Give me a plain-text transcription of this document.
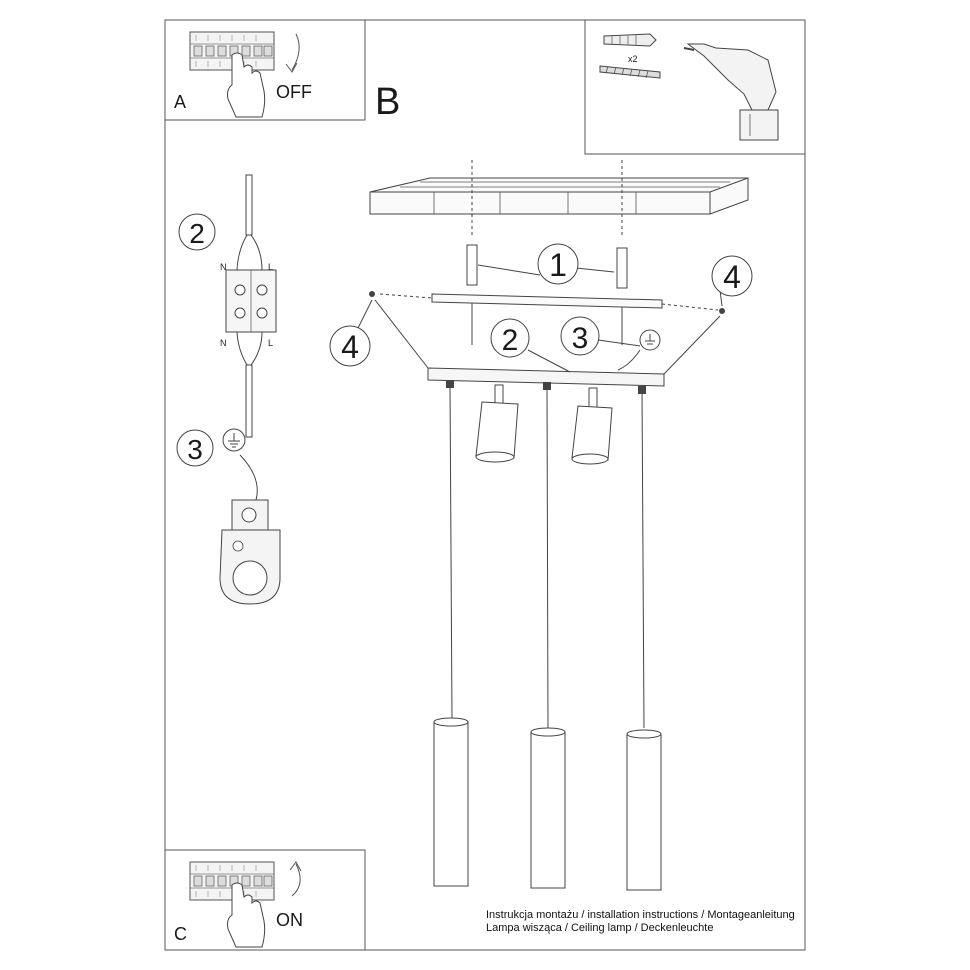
A	OFF B
x2
2
N	L
N	L
3
1
2 3
4
4
C
ON	Instrukcja montażu / installation instructions / Montageanleitung
Lampa wisząca / Ceiling lamp / Deckenleuchte
